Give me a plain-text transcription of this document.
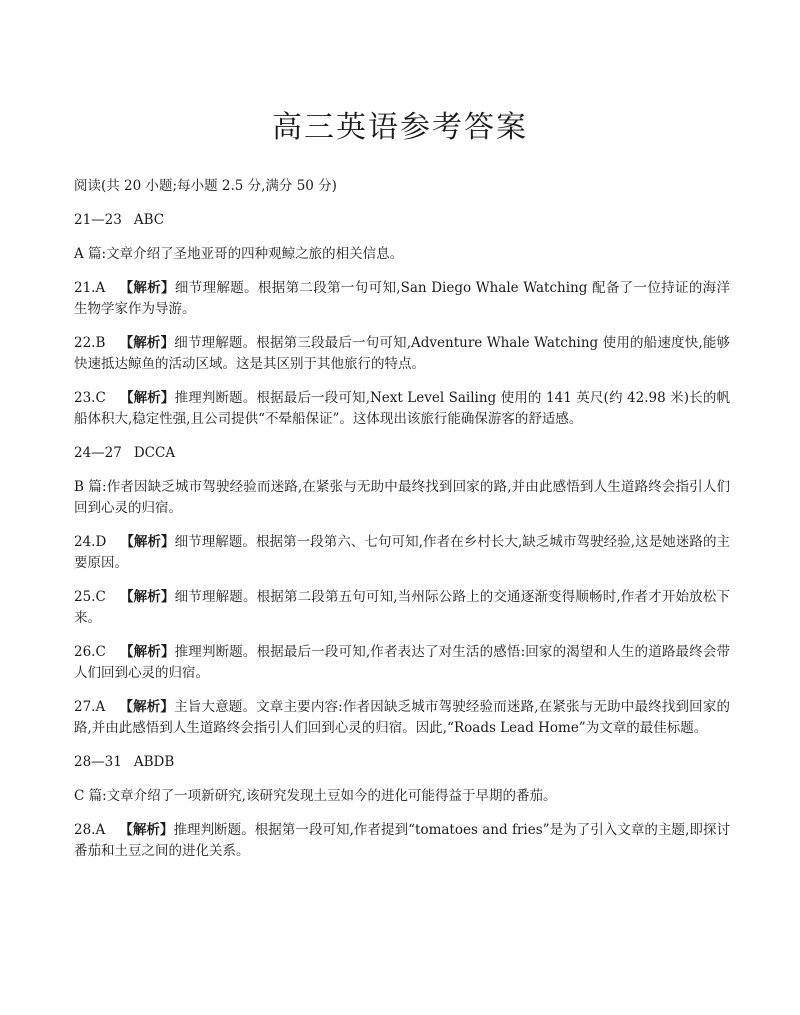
高三英语参考答案
阅读(共 20 小题;每小题 2.5 分,满分 50 分)
21—23 ABC
A 篇:文章介绍了圣地亚哥的四种观鲸之旅的相关信息。
21.A 【解析】细节理解题。根据第二段第一句可知,San Diego Whale Watching 配备了一位持证的海洋生物学家作为导游。
22.B 【解析】细节理解题。根据第三段最后一句可知,Adventure Whale Watching 使用的船速度快,能够快速抵达鲸鱼的活动区域。这是其区别于其他旅行的特点。
23.C 【解析】推理判断题。根据最后一段可知,Next Level Sailing 使用的 141 英尺(约 42.98 米)长的帆船体积大,稳定性强,且公司提供“不晕船保证”。这体现出该旅行能确保游客的舒适感。
24—27 DCCA
B 篇:作者因缺乏城市驾驶经验而迷路,在紧张与无助中最终找到回家的路,并由此感悟到人生道路终会指引人们回到心灵的归宿。
24.D 【解析】细节理解题。根据第一段第六、七句可知,作者在乡村长大,缺乏城市驾驶经验,这是她迷路的主要原因。
25.C 【解析】细节理解题。根据第二段第五句可知,当州际公路上的交通逐渐变得顺畅时,作者才开始放松下来。
26.C 【解析】推理判断题。根据最后一段可知,作者表达了对生活的感悟:回家的渴望和人生的道路最终会带人们回到心灵的归宿。
27.A 【解析】主旨大意题。文章主要内容:作者因缺乏城市驾驶经验而迷路,在紧张与无助中最终找到回家的路,并由此感悟到人生道路终会指引人们回到心灵的归宿。因此,“Roads Lead Home”为文章的最佳标题。
28—31 ABDB
C 篇:文章介绍了一项新研究,该研究发现土豆如今的进化可能得益于早期的番茄。
28.A 【解析】推理判断题。根据第一段可知,作者提到“tomatoes and fries”是为了引入文章的主题,即探讨番茄和土豆之间的进化关系。
